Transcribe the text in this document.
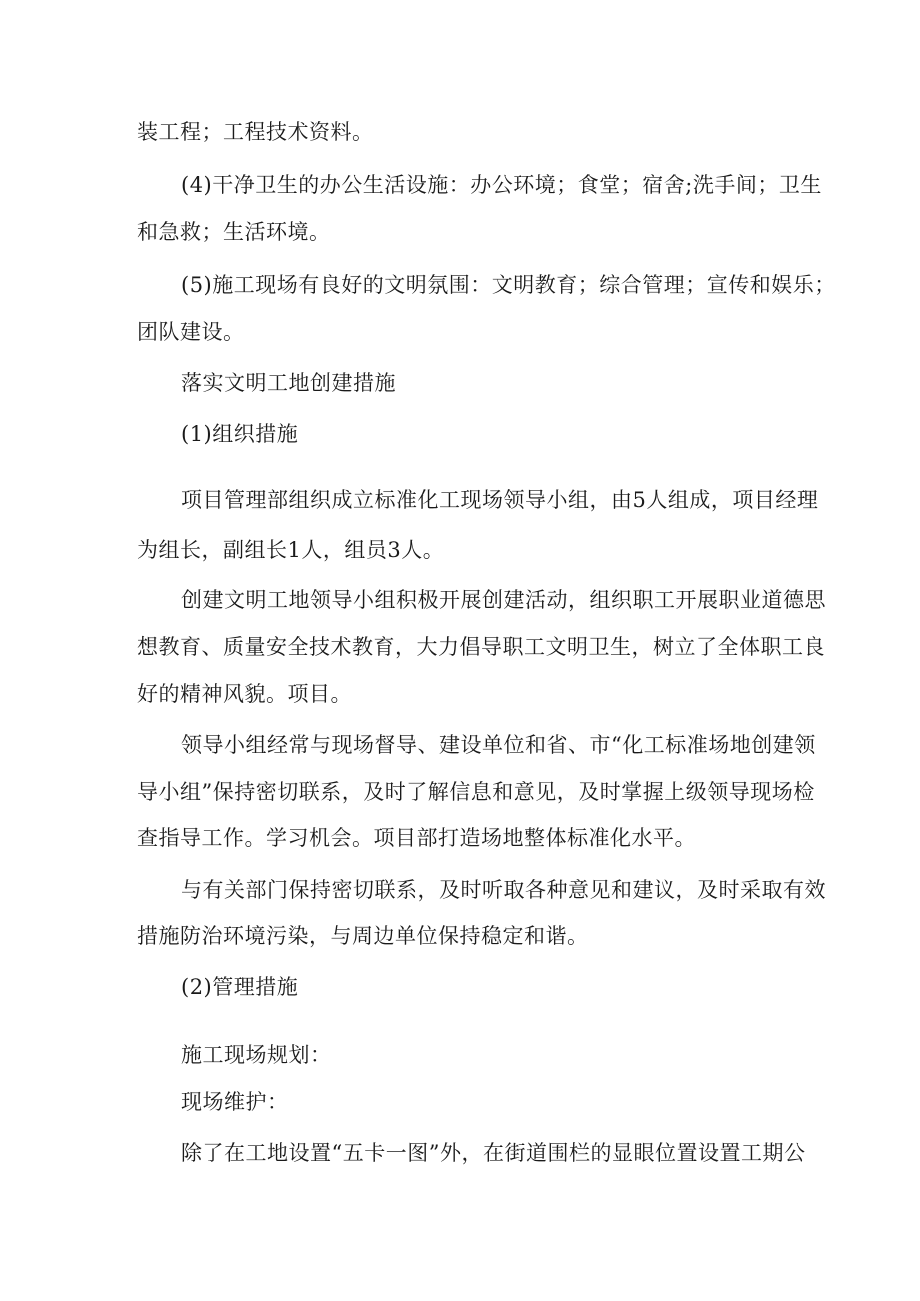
装工程；工程技术资料。

(4)干净卫生的办公生活设施：办公环境；食堂；宿舍;洗手间；卫生

和急救；生活环境。

(5)施工现场有良好的文明氛围：文明教育；综合管理；宣传和娱乐；

团队建设。

落实文明工地创建措施

(1)组织措施

项目管理部组织成立标准化工现场领导小组，由5人组成，项目经理

为组长，副组长1人，组员3人。

创建文明工地领导小组积极开展创建活动，组织职工开展职业道德思

想教育、质量安全技术教育，大力倡导职工文明卫生，树立了全体职工良

好的精神风貌。项目。

领导小组经常与现场督导、建设单位和省、市“化工标准场地创建领

导小组”保持密切联系，及时了解信息和意见，及时掌握上级领导现场检

查指导工作。学习机会。项目部打造场地整体标准化水平。

与有关部门保持密切联系，及时听取各种意见和建议，及时采取有效

措施防治环境污染，与周边单位保持稳定和谐。

(2)管理措施

施工现场规划：

现场维护：

除了在工地设置“五卡一图”外，在街道围栏的显眼位置设置工期公
